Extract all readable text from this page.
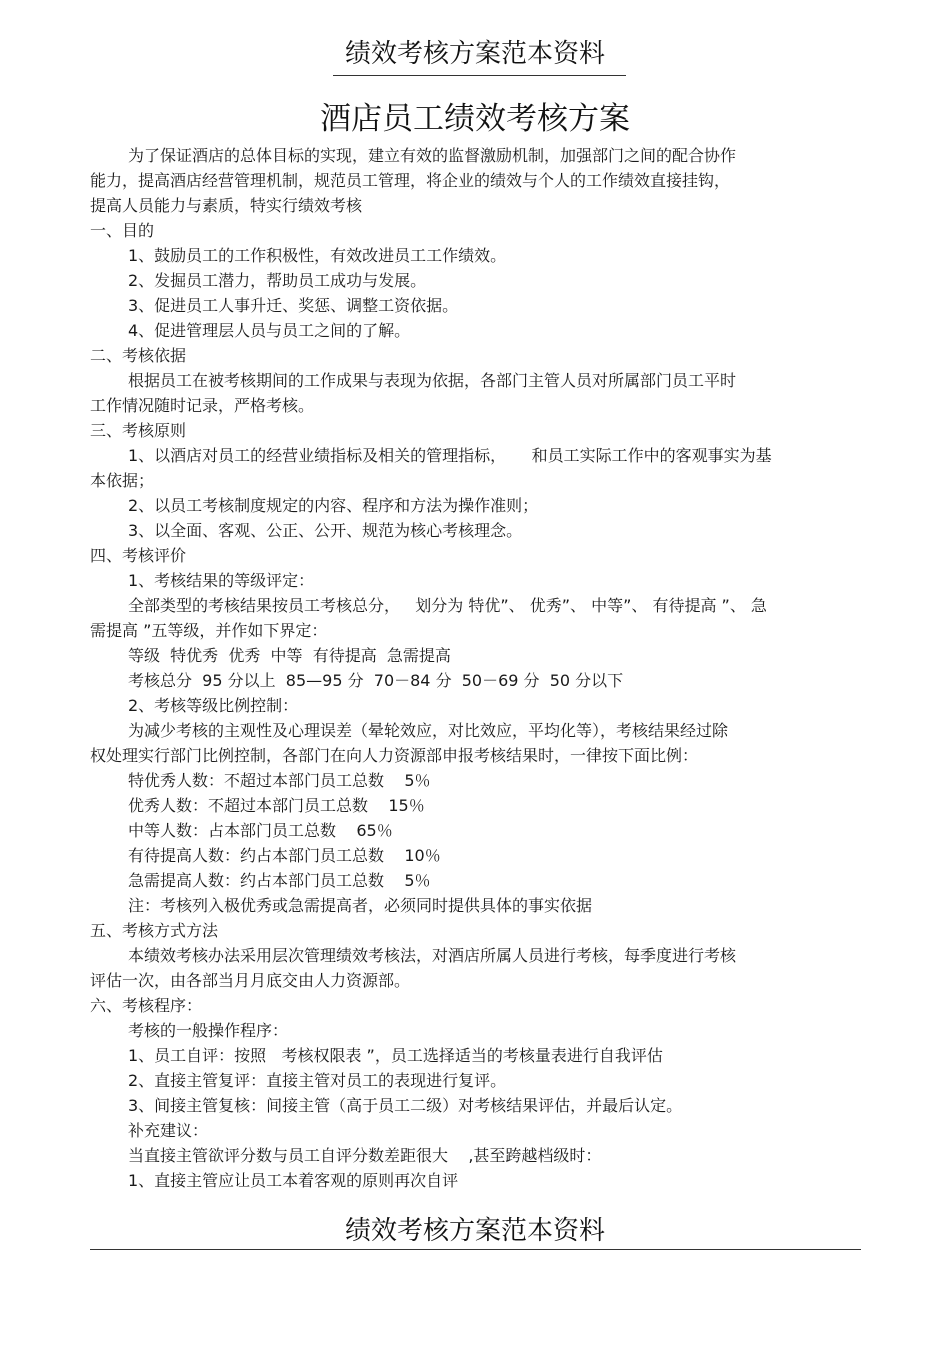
绩效考核方案范本资料
酒店员工绩效考核方案
为了保证酒店的总体目标的实现，建立有效的监督激励机制，加强部门之间的配合协作
能力，提高酒店经营管理机制，规范员工管理，将企业的绩效与个人的工作绩效直接挂钩，
提高人员能力与素质，特实行绩效考核
一、目的
1、鼓励员工的工作积极性，有效改进员工工作绩效。
2、发掘员工潜力，帮助员工成功与发展。
3、促进员工人事升迁、奖惩、调整工资依据。
4、促进管理层人员与员工之间的了解。
二、考核依据
根据员工在被考核期间的工作成果与表现为依据，各部门主管人员对所属部门员工平时
工作情况随时记录，严格考核。
三、考核原则
1、以酒店对员工的经营业绩指标及相关的管理指标，     和员工实际工作中的客观事实为基
本依据；
2、以员工考核制度规定的内容、程序和方法为操作准则；
3、以全面、客观、公正、公开、规范为核心考核理念。
四、考核评价
1、考核结果的等级评定：
全部类型的考核结果按员工考核总分，   划分为 特优”、 优秀”、 中等”、 有待提高 ”、 急
需提高 ”五等级，并作如下界定：
等级  特优秀  优秀  中等  有待提高  急需提高
考核总分  95 分以上  85—95 分  70－84 分  50－69 分  50 分以下
2、考核等级比例控制：
为减少考核的主观性及心理误差（晕轮效应，对比效应，平均化等），考核结果经过除
权处理实行部门比例控制，各部门在向人力资源部申报考核结果时，一律按下面比例：
特优秀人数：不超过本部门员工总数    5％
优秀人数：不超过本部门员工总数    15％
中等人数：占本部门员工总数    65％
有待提高人数：约占本部门员工总数    10％
急需提高人数：约占本部门员工总数    5％
注：考核列入极优秀或急需提高者，必须同时提供具体的事实依据
五、考核方式方法
本绩效考核办法采用层次管理绩效考核法，对酒店所属人员进行考核，每季度进行考核
评估一次，由各部当月月底交由人力资源部。
六、考核程序：
考核的一般操作程序：
1、员工自评：按照   考核权限表 ”，员工选择适当的考核量表进行自我评估
2、直接主管复评：直接主管对员工的表现进行复评。
3、间接主管复核：间接主管（高于员工二级）对考核结果评估，并最后认定。
补充建议：
当直接主管欲评分数与员工自评分数差距很大    ,甚至跨越档级时：
1、直接主管应让员工本着客观的原则再次自评
绩效考核方案范本资料
